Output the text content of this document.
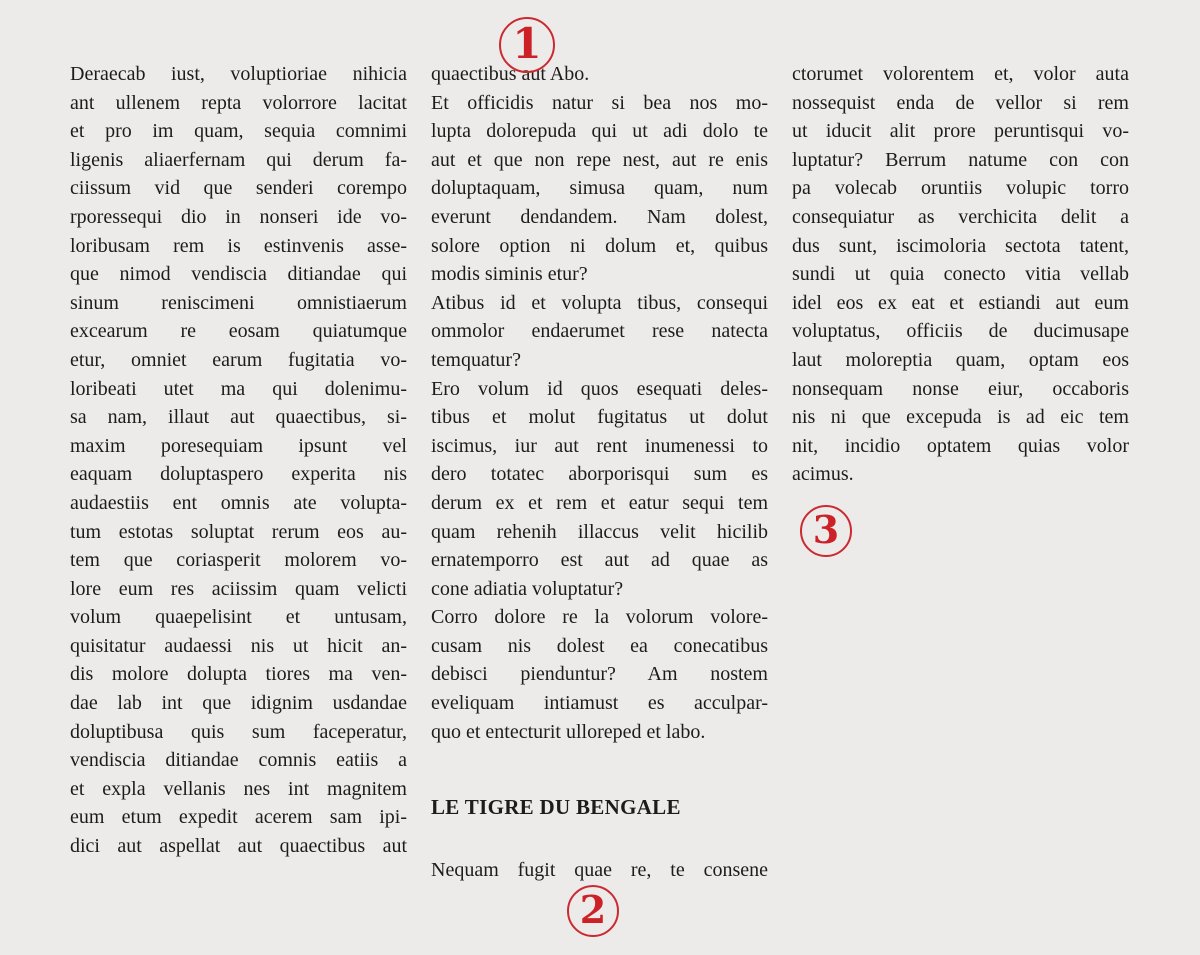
Deraecab iust, voluptioriae nihicia
ant ullenem repta volorrore lacitat
et pro im quam, sequia comnimi
ligenis aliaerfernam qui derum fa-
ciissum vid que senderi corempo
rporessequi dio in nonseri ide vo-
loribusam rem is estinvenis asse-
que nimod vendiscia ditiandae qui
sinum reniscimeni omnistiaerum
excearum re eosam quiatumque
etur, omniet earum fugitatia vo-
loribeati utet ma qui dolenimu-
sa nam, illaut aut quaectibus, si-
maxim poresequiam ipsunt vel
eaquam doluptaspero experita nis
audaestiis ent omnis ate volupta-
tum estotas soluptat rerum eos au-
tem que coriasperit molorem vo-
lore eum res aciissim quam velicti
volum quaepelisint et untusam,
quisitatur audaessi nis ut hicit an-
dis molore dolupta tiores ma ven-
dae lab int que idignim usdandae
doluptibusa quis sum faceperatur,
vendiscia ditiandae comnis eatiis a
et expla vellanis nes int magnitem
eum etum expedit acerem sam ipi-
dici aut aspellat aut quaectibus aut
quaectibus aut Abo.
Et officidis natur si bea nos mo-
lupta dolorepuda qui ut adi dolo te
aut et que non repe nest, aut re enis
doluptaquam, simusa quam, num
everunt dendandem. Nam dolest,
solore option ni dolum et, quibus
modis siminis etur?
Atibus id et volupta tibus, consequi
ommolor endaerumet rese natecta
temquatur?
Ero volum id quos esequati deles-
tibus et molut fugitatus ut dolut
iscimus, iur aut rent inumenessi to
dero totatec aborporisqui sum es
derum ex et rem et eatur sequi tem
quam rehenih illaccus velit hicilib
ernatemporro est aut ad quae as
cone adiatia voluptatur?
Corro dolore re la volorum volore-
cusam nis dolest ea conecatibus
debisci pienduntur? Am nostem
eveliquam intiamust es acculpar-
quo et entecturit ulloreped et labo.
LE TIGRE DU BENGALE
Nequam fugit quae re, te consene
ctorumet volorentem et, volor auta
nossequist enda de vellor si rem
ut iducit alit prore peruntisqui vo-
luptatur? Berrum natume con con
pa volecab oruntiis volupic torro
consequiatur as verchicita delit a
dus sunt, iscimoloria sectota tatent,
sundi ut quia conecto vitia vellab
idel eos ex eat et estiandi aut eum
voluptatus, officiis de ducimusape
laut moloreptia quam, optam eos
nonsequam nonse eiur, occaboris
nis ni que excepuda is ad eic tem
nit, incidio optatem quias volor
acimus.
1
2
3
